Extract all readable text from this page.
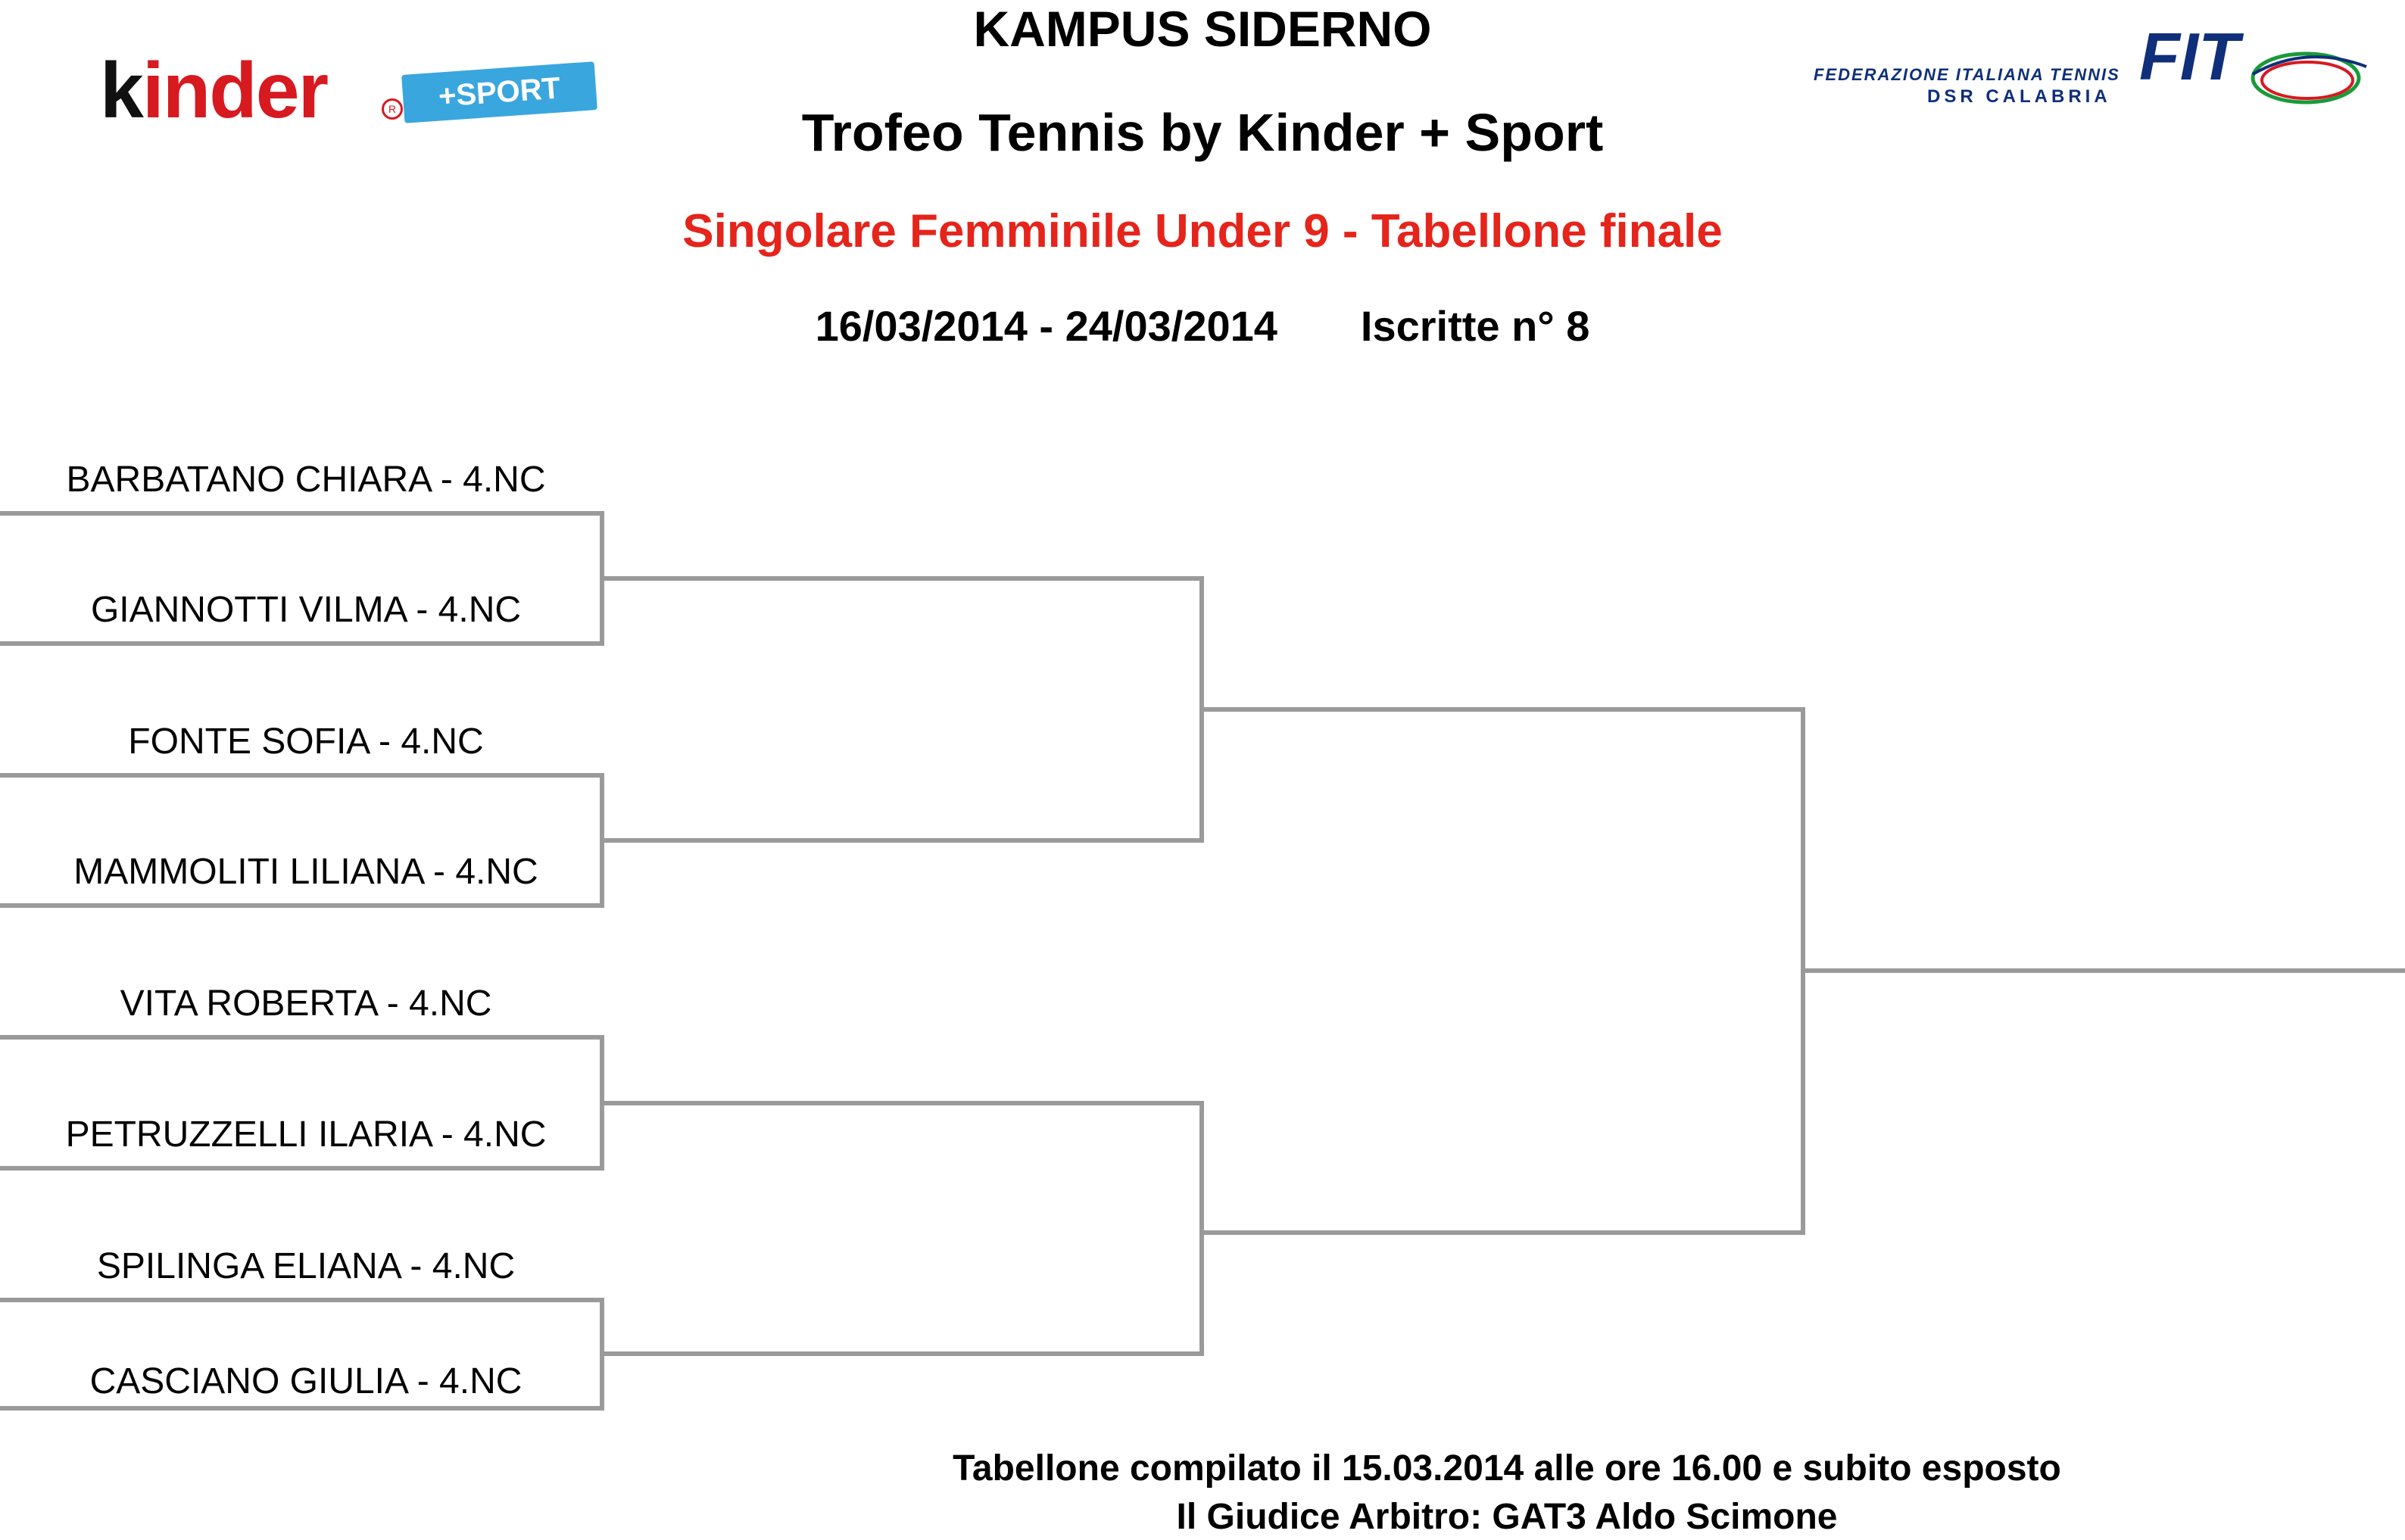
kinder	R	+SPORT	FIT
FEDERAZIONE ITALIANA TENNIS
DSR CALABRIA
KAMPUS SIDERNO
Trofeo Tennis by Kinder + Sport
Singolare Femminile Under 9 - Tabellone finale
16/03/2014 - 24/03/2014 Iscritte n° 8
BARBATANO CHIARA - 4.NC
GIANNOTTI VILMA - 4.NC
FONTE SOFIA - 4.NC
MAMMOLITI LILIANA - 4.NC
VITA ROBERTA - 4.NC
PETRUZZELLI ILARIA - 4.NC
SPILINGA ELIANA - 4.NC
CASCIANO GIULIA - 4.NC
Tabellone compilato il 15.03.2014 alle ore 16.00 e subito esposto
Il Giudice Arbitro: GAT3 Aldo Scimone
